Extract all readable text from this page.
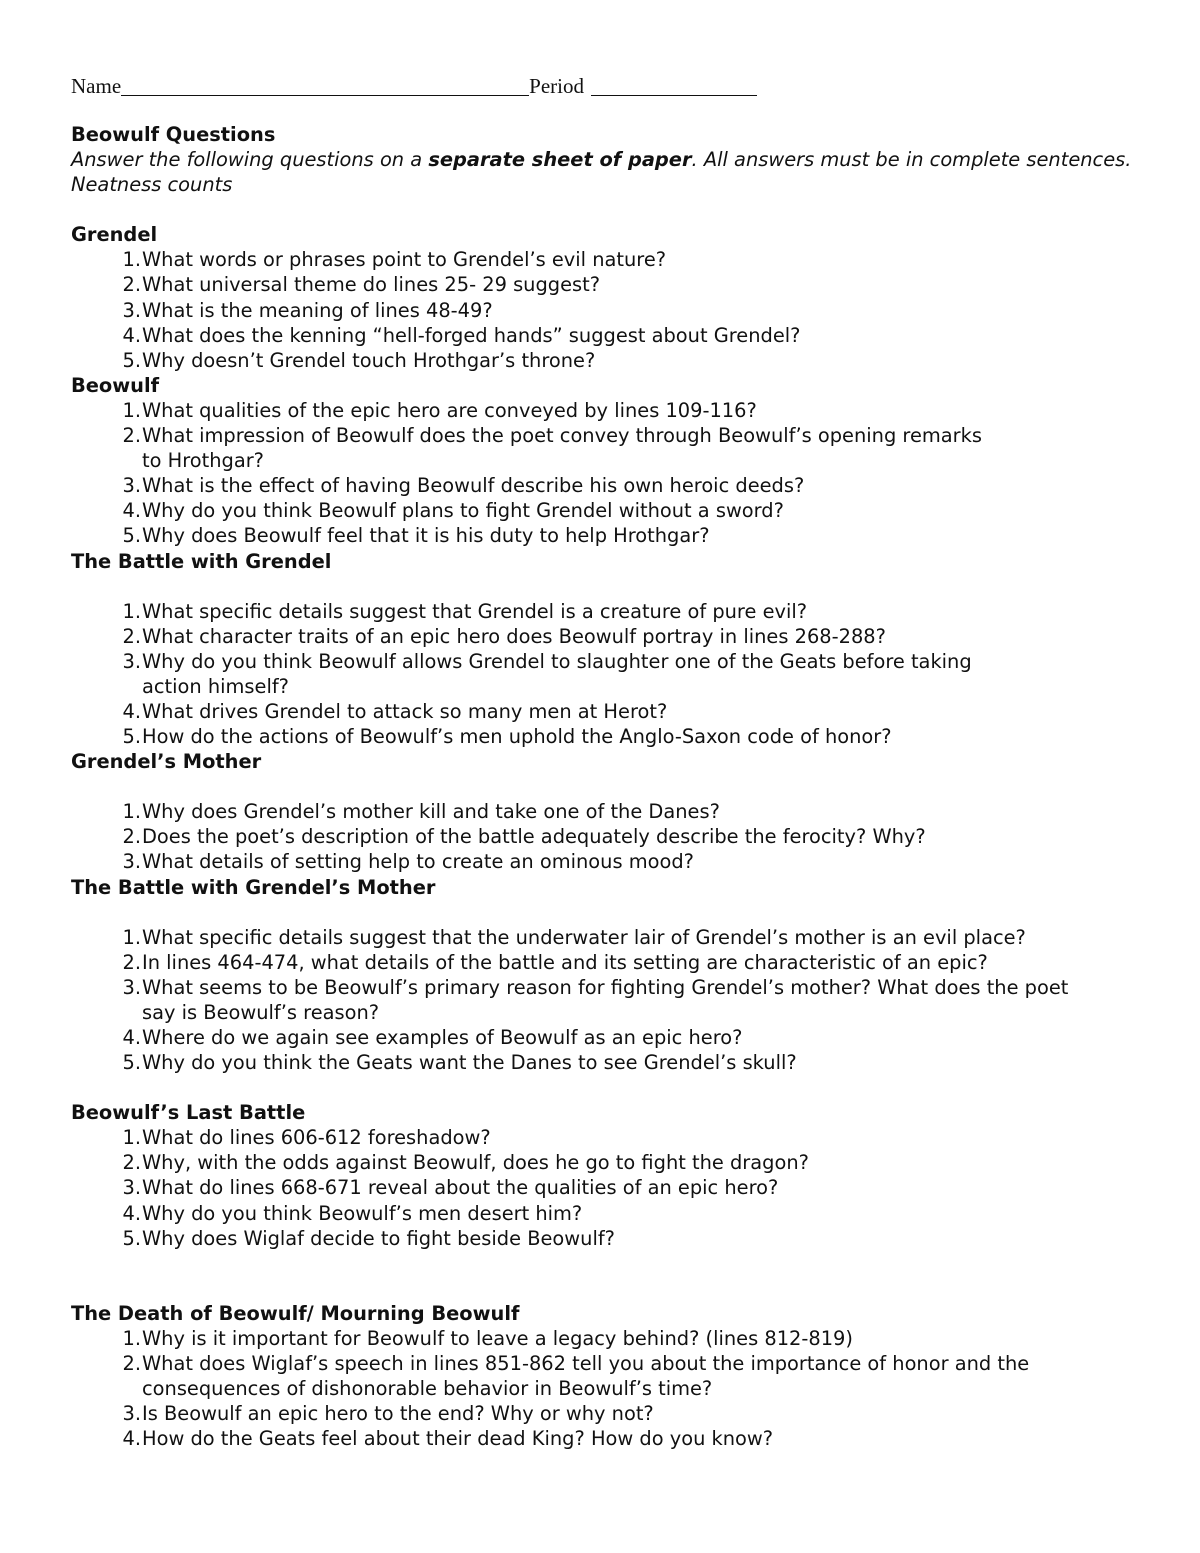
Name	Period
Beowulf Questions
Answer the following questions on a separate sheet of paper. All answers must be in complete sentences. Neatness counts
Grendel
1. What words or phrases point to Grendel’s evil nature?
2. What universal theme do lines 25- 29 suggest?
3. What is the meaning of lines 48-49?
4. What does the kenning “hell-forged hands” suggest about Grendel?
5. Why doesn’t Grendel touch Hrothgar’s throne?
Beowulf
1. What qualities of the epic hero are conveyed by lines 109-116?
2. What impression of Beowulf does the poet convey through Beowulf’s opening remarks to Hrothgar?
3. What is the effect of having Beowulf describe his own heroic deeds?
4. Why do you think Beowulf plans to fight Grendel without a sword?
5. Why does Beowulf feel that it is his duty to help Hrothgar?
The Battle with Grendel
1. What specific details suggest that Grendel is a creature of pure evil?
2. What character traits of an epic hero does Beowulf portray in lines 268-288?
3. Why do you think Beowulf allows Grendel to slaughter one of the Geats before taking action himself?
4. What drives Grendel to attack so many men at Herot?
5. How do the actions of Beowulf’s men uphold the Anglo-Saxon code of honor?
Grendel’s Mother
1. Why does Grendel’s mother kill and take one of the Danes?
2. Does the poet’s description of the battle adequately describe the ferocity? Why?
3. What details of setting help to create an ominous mood?
The Battle with Grendel’s Mother
1. What specific details suggest that the underwater lair of Grendel’s mother is an evil place?
2. In lines 464-474, what details of the battle and its setting are characteristic of an epic?
3. What seems to be Beowulf’s primary reason for fighting Grendel’s mother? What does the poet say is Beowulf’s reason?
4. Where do we again see examples of Beowulf as an epic hero?
5. Why do you think the Geats want the Danes to see Grendel’s skull?
Beowulf’s Last Battle
1. What do lines 606-612 foreshadow?
2. Why, with the odds against Beowulf, does he go to fight the dragon?
3. What do lines 668-671 reveal about the qualities of an epic hero?
4. Why do you think Beowulf’s men desert him?
5. Why does Wiglaf decide to fight beside Beowulf?
The Death of Beowulf/ Mourning Beowulf
1. Why is it important for Beowulf to leave a legacy behind? (lines 812-819)
2. What does Wiglaf’s speech in lines 851-862 tell you about the importance of honor and the consequences of dishonorable behavior in Beowulf’s time?
3. Is Beowulf an epic hero to the end? Why or why not?
4. How do the Geats feel about their dead King? How do you know?
